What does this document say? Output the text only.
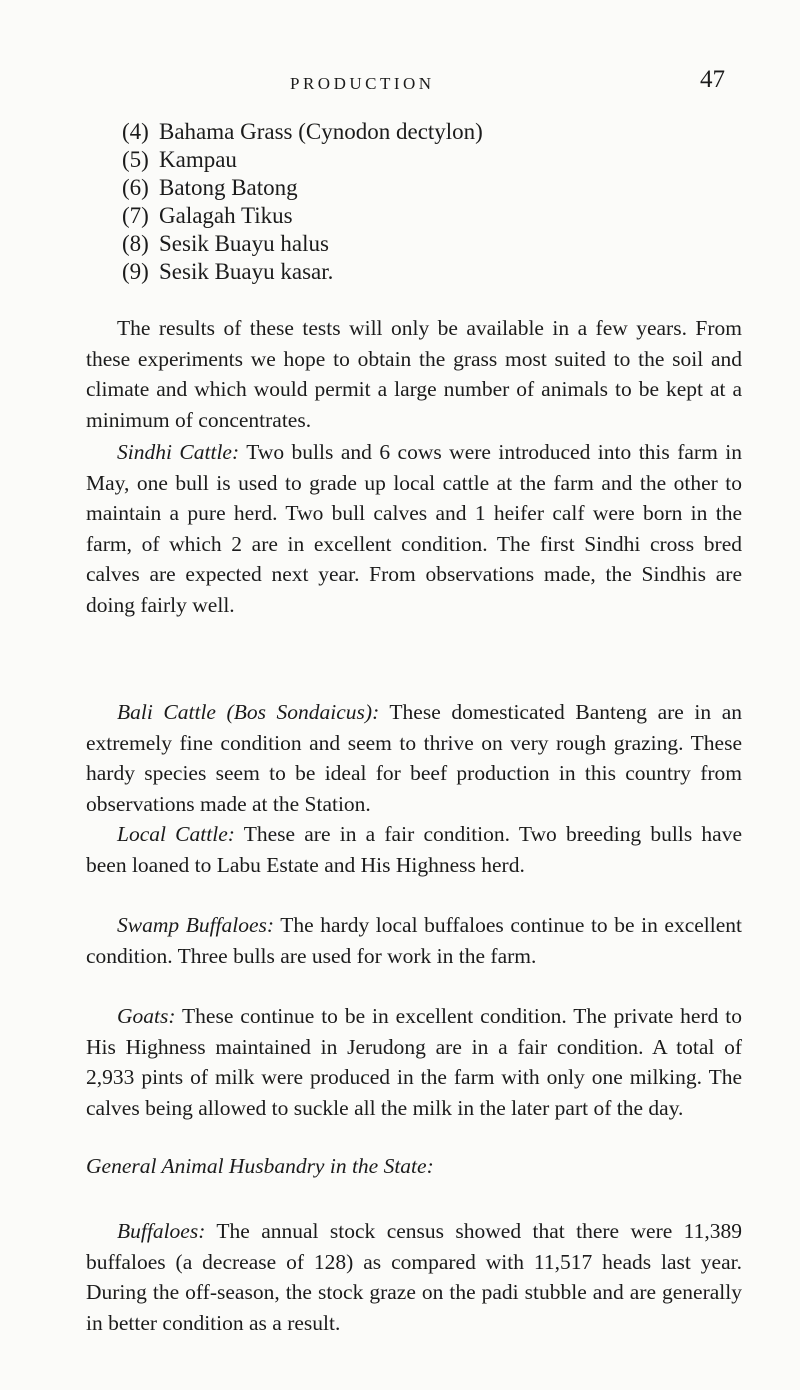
PRODUCTION	47
(4) Bahama Grass (Cynodon dectylon)
(5) Kampau
(6) Batong Batong
(7) Galagah Tikus
(8) Sesik Buayu halus
(9) Sesik Buayu kasar.

The results of these tests will only be available in a few years. From these experiments we hope to obtain the grass most suited to the soil and climate and which would permit a large number of animals to be kept at a minimum of concentrates.

Sindhi Cattle: Two bulls and 6 cows were introduced into this farm in May, one bull is used to grade up local cattle at the farm and the other to maintain a pure herd. Two bull calves and 1 heifer calf were born in the farm, of which 2 are in excellent condition. The first Sindhi cross bred calves are expected next year. From observations made, the Sindhis are doing fairly well.

Bali Cattle (Bos Sondaicus): These domesticated Banteng are in an extremely fine condition and seem to thrive on very rough grazing. These hardy species seem to be ideal for beef production in this country from observations made at the Station.

Local Cattle: These are in a fair condition. Two breeding bulls have been loaned to Labu Estate and His Highness herd.

Swamp Buffaloes: The hardy local buffaloes continue to be in excellent condition. Three bulls are used for work in the farm.

Goats: These continue to be in excellent condition. The private herd to His Highness maintained in Jerudong are in a fair condition. A total of 2,933 pints of milk were produced in the farm with only one milking. The calves being allowed to suckle all the milk in the later part of the day.

General Animal Husbandry in the State:

Buffaloes: The annual stock census showed that there were 11,389 buffaloes (a decrease of 128) as compared with 11,517 heads last year. During the off-season, the stock graze on the padi stubble and are generally in better condition as a result.
